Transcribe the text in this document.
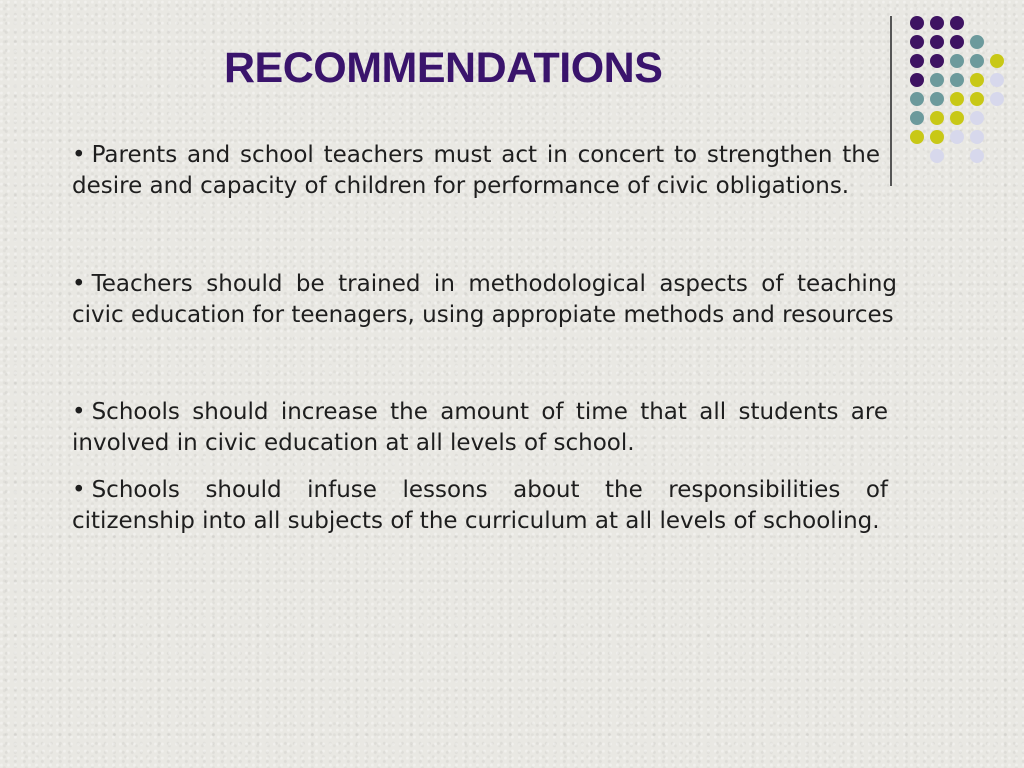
RECOMMENDATIONS

• Parents and school teachers must act in concert to strengthen the desire and capacity of children for performance of civic obligations.

• Teachers should be trained in methodological aspects of teaching civic education for teenagers, using appropiate methods and resources

• Schools should increase the amount of time that all students are involved in civic education at all levels of school.

• Schools should infuse lessons about the responsibilities of citizenship into all subjects of the curriculum at all levels of schooling.
